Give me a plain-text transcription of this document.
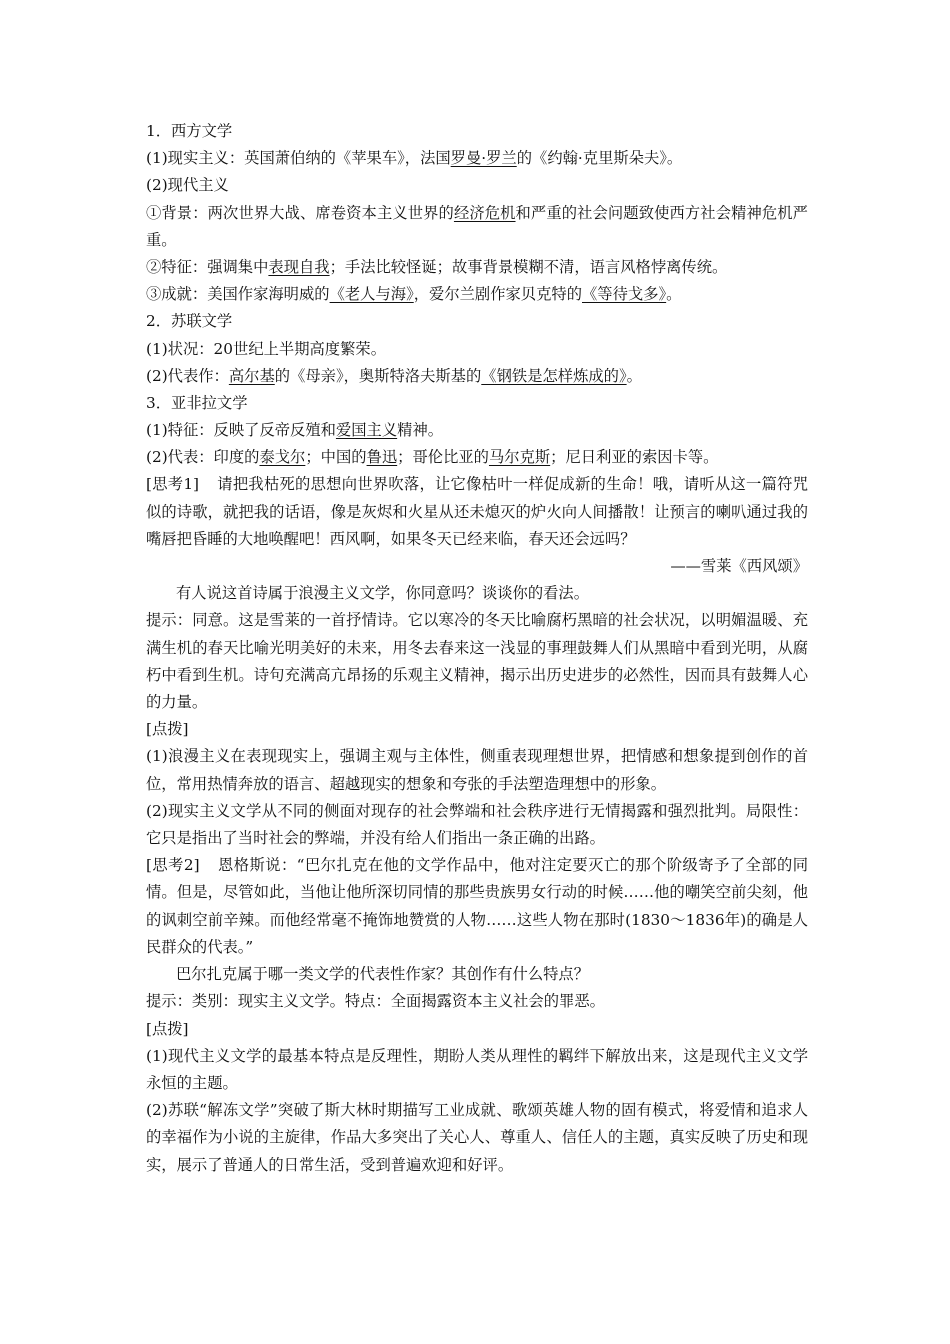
1．西方文学
(1)现实主义：英国萧伯纳的《苹果车》，法国罗曼·罗兰的《约翰·克里斯朵夫》。
(2)现代主义
①背景：两次世界大战、席卷资本主义世界的经济危机和严重的社会问题致使西方社会精神危机严重。
②特征：强调集中表现自我；手法比较怪诞；故事背景模糊不清，语言风格悖离传统。
③成就：美国作家海明威的《老人与海》，爱尔兰剧作家贝克特的《等待戈多》。
2．苏联文学
(1)状况：20世纪上半期高度繁荣。
(2)代表作：高尔基的《母亲》，奥斯特洛夫斯基的《钢铁是怎样炼成的》。
3．亚非拉文学
(1)特征：反映了反帝反殖和爱国主义精神。
(2)代表：印度的泰戈尔；中国的鲁迅；哥伦比亚的马尔克斯；尼日利亚的索因卡等。
[思考1] 请把我枯死的思想向世界吹落，让它像枯叶一样促成新的生命！哦，请听从这一篇符咒似的诗歌，就把我的话语，像是灰烬和火星从还未熄灭的炉火向人间播散！让预言的喇叭通过我的嘴唇把昏睡的大地唤醒吧！西风啊，如果冬天已经来临，春天还会远吗？
——雪莱《西风颂》
有人说这首诗属于浪漫主义文学，你同意吗？谈谈你的看法。
提示：同意。这是雪莱的一首抒情诗。它以寒冷的冬天比喻腐朽黑暗的社会状况，以明媚温暖、充满生机的春天比喻光明美好的未来，用冬去春来这一浅显的事理鼓舞人们从黑暗中看到光明，从腐朽中看到生机。诗句充满高亢昂扬的乐观主义精神，揭示出历史进步的必然性，因而具有鼓舞人心的力量。
[点拨]
(1)浪漫主义在表现现实上，强调主观与主体性，侧重表现理想世界，把情感和想象提到创作的首位，常用热情奔放的语言、超越现实的想象和夸张的手法塑造理想中的形象。
(2)现实主义文学从不同的侧面对现存的社会弊端和社会秩序进行无情揭露和强烈批判。局限性：它只是指出了当时社会的弊端，并没有给人们指出一条正确的出路。
[思考2] 恩格斯说：“巴尔扎克在他的文学作品中，他对注定要灭亡的那个阶级寄予了全部的同情。但是，尽管如此，当他让他所深切同情的那些贵族男女行动的时候……他的嘲笑空前尖刻，他的讽刺空前辛辣。而他经常毫不掩饰地赞赏的人物……这些人物在那时(1830～1836年)的确是人民群众的代表。”
巴尔扎克属于哪一类文学的代表性作家？其创作有什么特点？
提示：类别：现实主义文学。特点：全面揭露资本主义社会的罪恶。
[点拨]
(1)现代主义文学的最基本特点是反理性，期盼人类从理性的羁绊下解放出来，这是现代主义文学永恒的主题。
(2)苏联“解冻文学”突破了斯大林时期描写工业成就、歌颂英雄人物的固有模式，将爱情和追求人的幸福作为小说的主旋律，作品大多突出了关心人、尊重人、信任人的主题，真实反映了历史和现实，展示了普通人的日常生活，受到普遍欢迎和好评。
